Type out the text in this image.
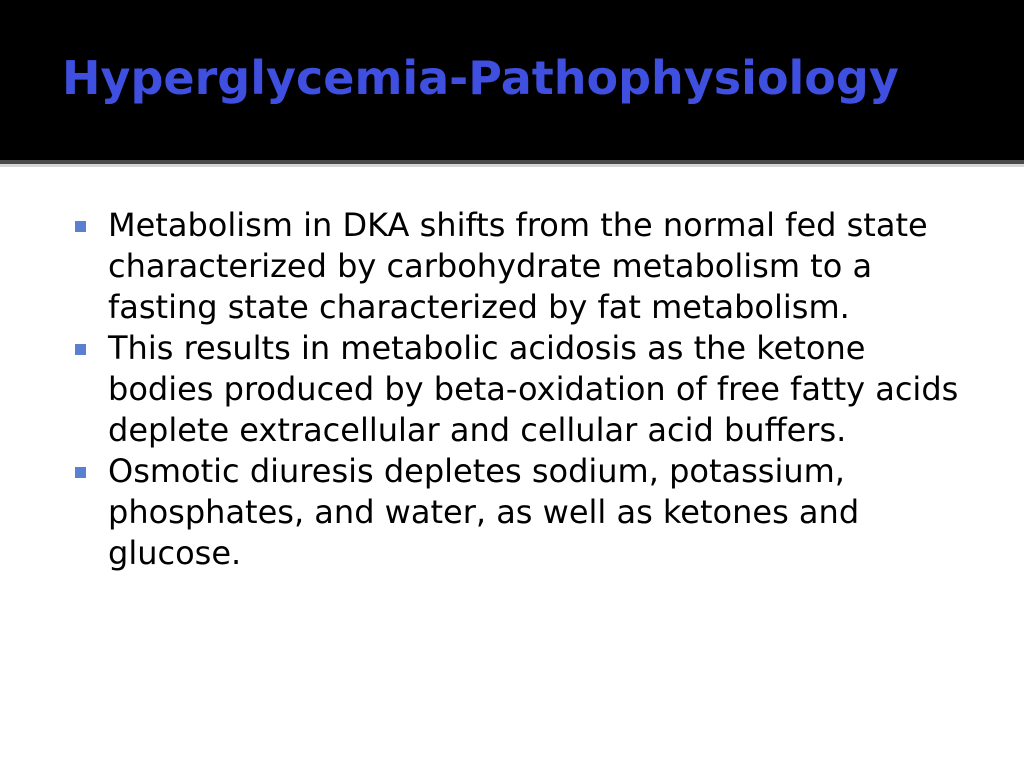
Hyperglycemia-Pathophysiology
Metabolism in DKA shifts from the normal fed state characterized by carbohydrate metabolism to a fasting state characterized by fat metabolism.
This results in metabolic acidosis as the ketone bodies produced by beta-oxidation of free fatty acids deplete extracellular and cellular acid buffers.
Osmotic diuresis depletes sodium, potassium, phosphates, and water, as well as ketones and glucose.
